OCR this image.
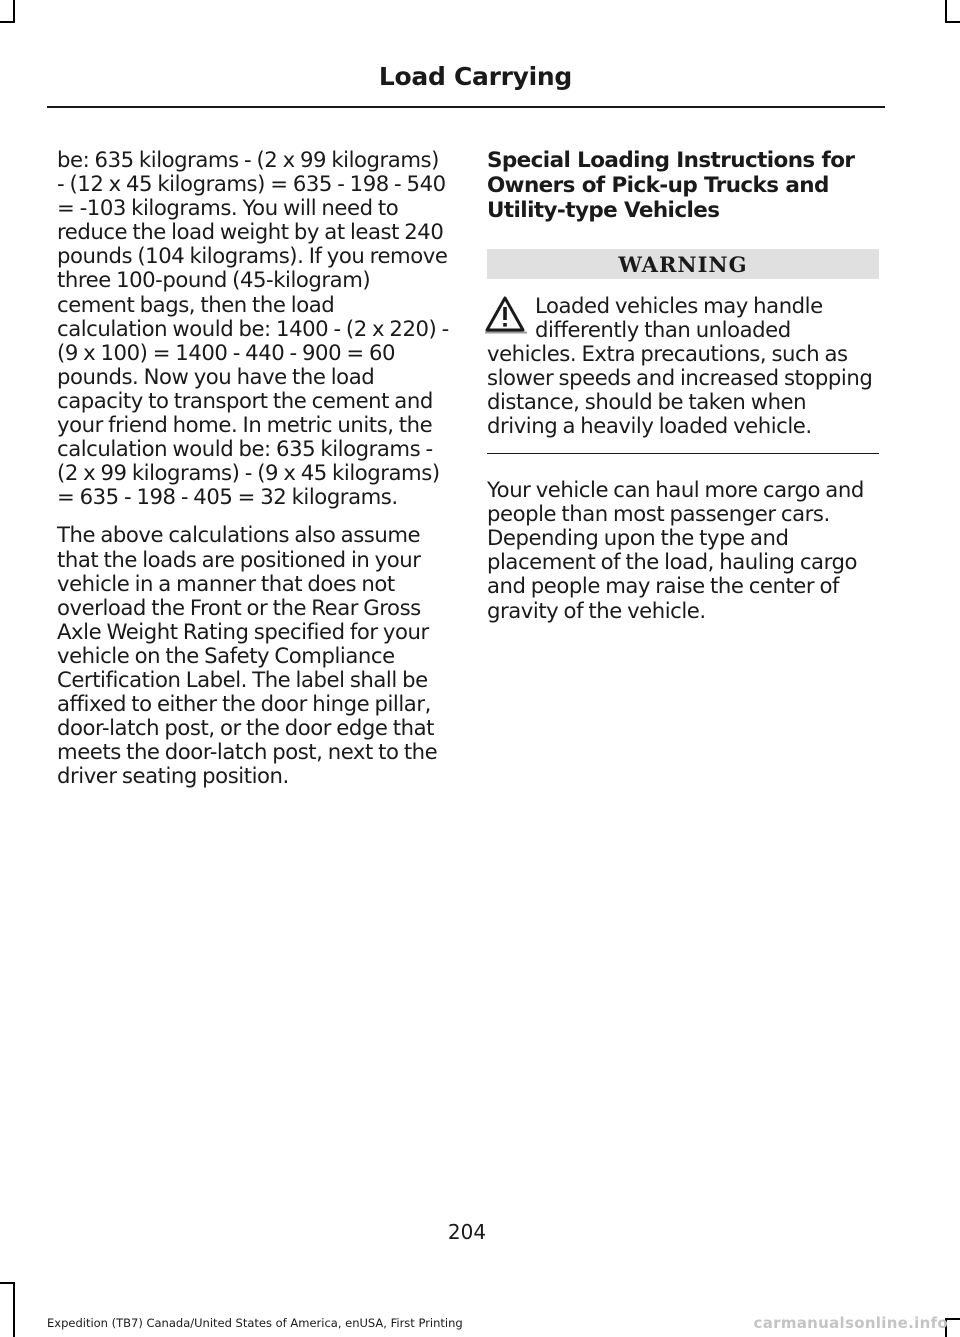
Load Carrying

be: 635 kilograms - (2 x 99 kilograms) - (12 x 45 kilograms) = 635 - 198 - 540 = -103 kilograms. You will need to reduce the load weight by at least 240 pounds (104 kilograms). If you remove three 100-pound (45-kilogram) cement bags, then the load calculation would be: 1400 - (2 x 220) - (9 x 100) = 1400 - 440 - 900 = 60 pounds. Now you have the load capacity to transport the cement and your friend home. In metric units, the calculation would be: 635 kilograms - (2 x 99 kilograms) - (9 x 45 kilograms) = 635 - 198 - 405 = 32 kilograms.

The above calculations also assume that the loads are positioned in your vehicle in a manner that does not overload the Front or the Rear Gross Axle Weight Rating specified for your vehicle on the Safety Compliance Certification Label. The label shall be affixed to either the door hinge pillar, door-latch post, or the door edge that meets the door-latch post, next to the driver seating position.

Special Loading Instructions for Owners of Pick-up Trucks and Utility-type Vehicles
WARNING

Loaded vehicles may handle differently than unloaded vehicles. Extra precautions, such as slower speeds and increased stopping distance, should be taken when driving a heavily loaded vehicle.

Your vehicle can haul more cargo and people than most passenger cars. Depending upon the type and placement of the load, hauling cargo and people may raise the center of gravity of the vehicle.

204
Expedition (TB7) Canada/United States of America, enUSA, First Printing	carmanualsonline.info
